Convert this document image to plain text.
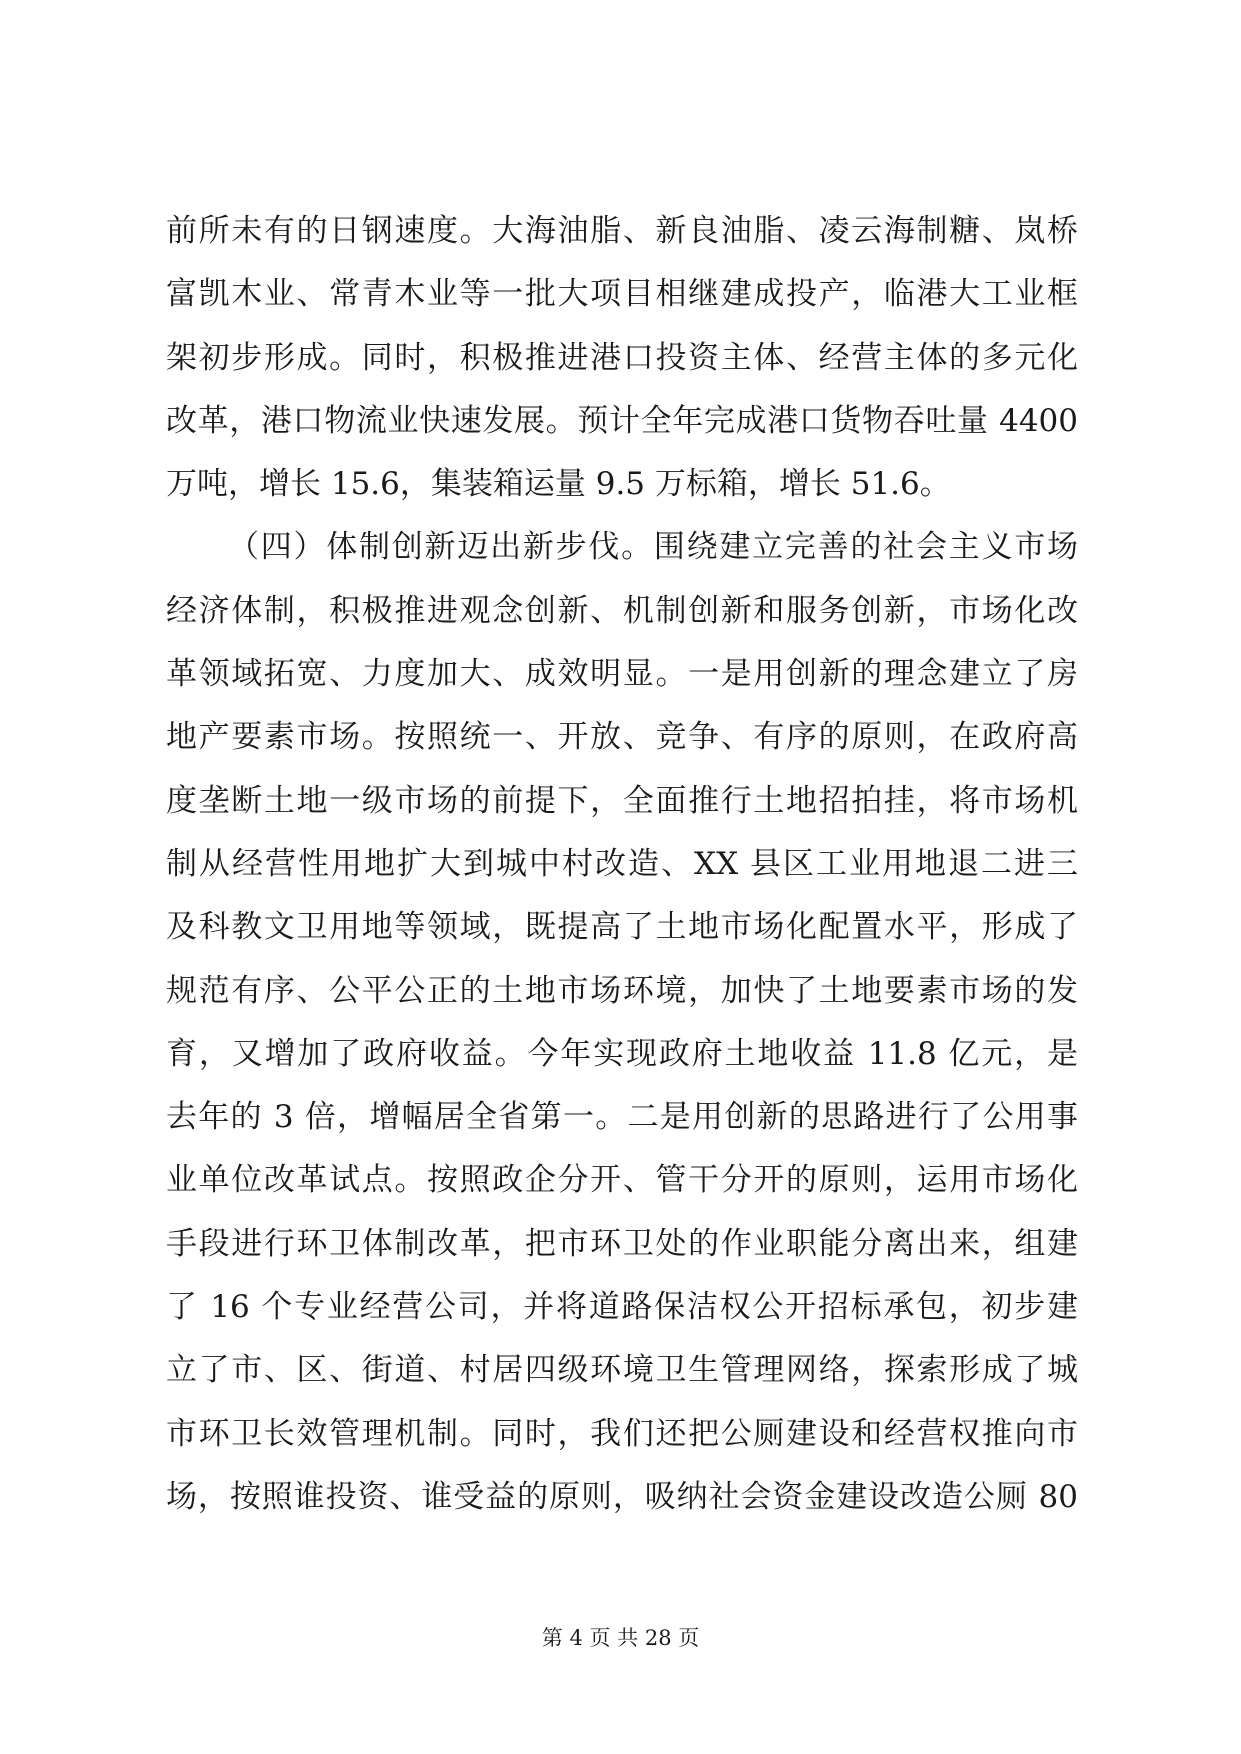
前所未有的日钢速度。大海油脂、新良油脂、凌云海制糖、岚桥
富凯木业、常青木业等一批大项目相继建成投产，临港大工业框
架初步形成。同时，积极推进港口投资主体、经营主体的多元化
改革，港口物流业快速发展。预计全年完成港口货物吞吐量 4400
万吨，增长 15.6，集装箱运量 9.5 万标箱，增长 51.6。
（四）体制创新迈出新步伐。围绕建立完善的社会主义市场
经济体制，积极推进观念创新、机制创新和服务创新，市场化改
革领域拓宽、力度加大、成效明显。一是用创新的理念建立了房
地产要素市场。按照统一、开放、竞争、有序的原则，在政府高
度垄断土地一级市场的前提下，全面推行土地招拍挂，将市场机
制从经营性用地扩大到城中村改造、XX 县区工业用地退二进三
及科教文卫用地等领域，既提高了土地市场化配置水平，形成了
规范有序、公平公正的土地市场环境，加快了土地要素市场的发
育，又增加了政府收益。今年实现政府土地收益 11.8 亿元，是
去年的 3 倍，增幅居全省第一。二是用创新的思路进行了公用事
业单位改革试点。按照政企分开、管干分开的原则，运用市场化
手段进行环卫体制改革，把市环卫处的作业职能分离出来，组建
了 16 个专业经营公司，并将道路保洁权公开招标承包，初步建
立了市、区、街道、村居四级环境卫生管理网络，探索形成了城
市环卫长效管理机制。同时，我们还把公厕建设和经营权推向市
场，按照谁投资、谁受益的原则，吸纳社会资金建设改造公厕 80
第 4 页 共 28 页
